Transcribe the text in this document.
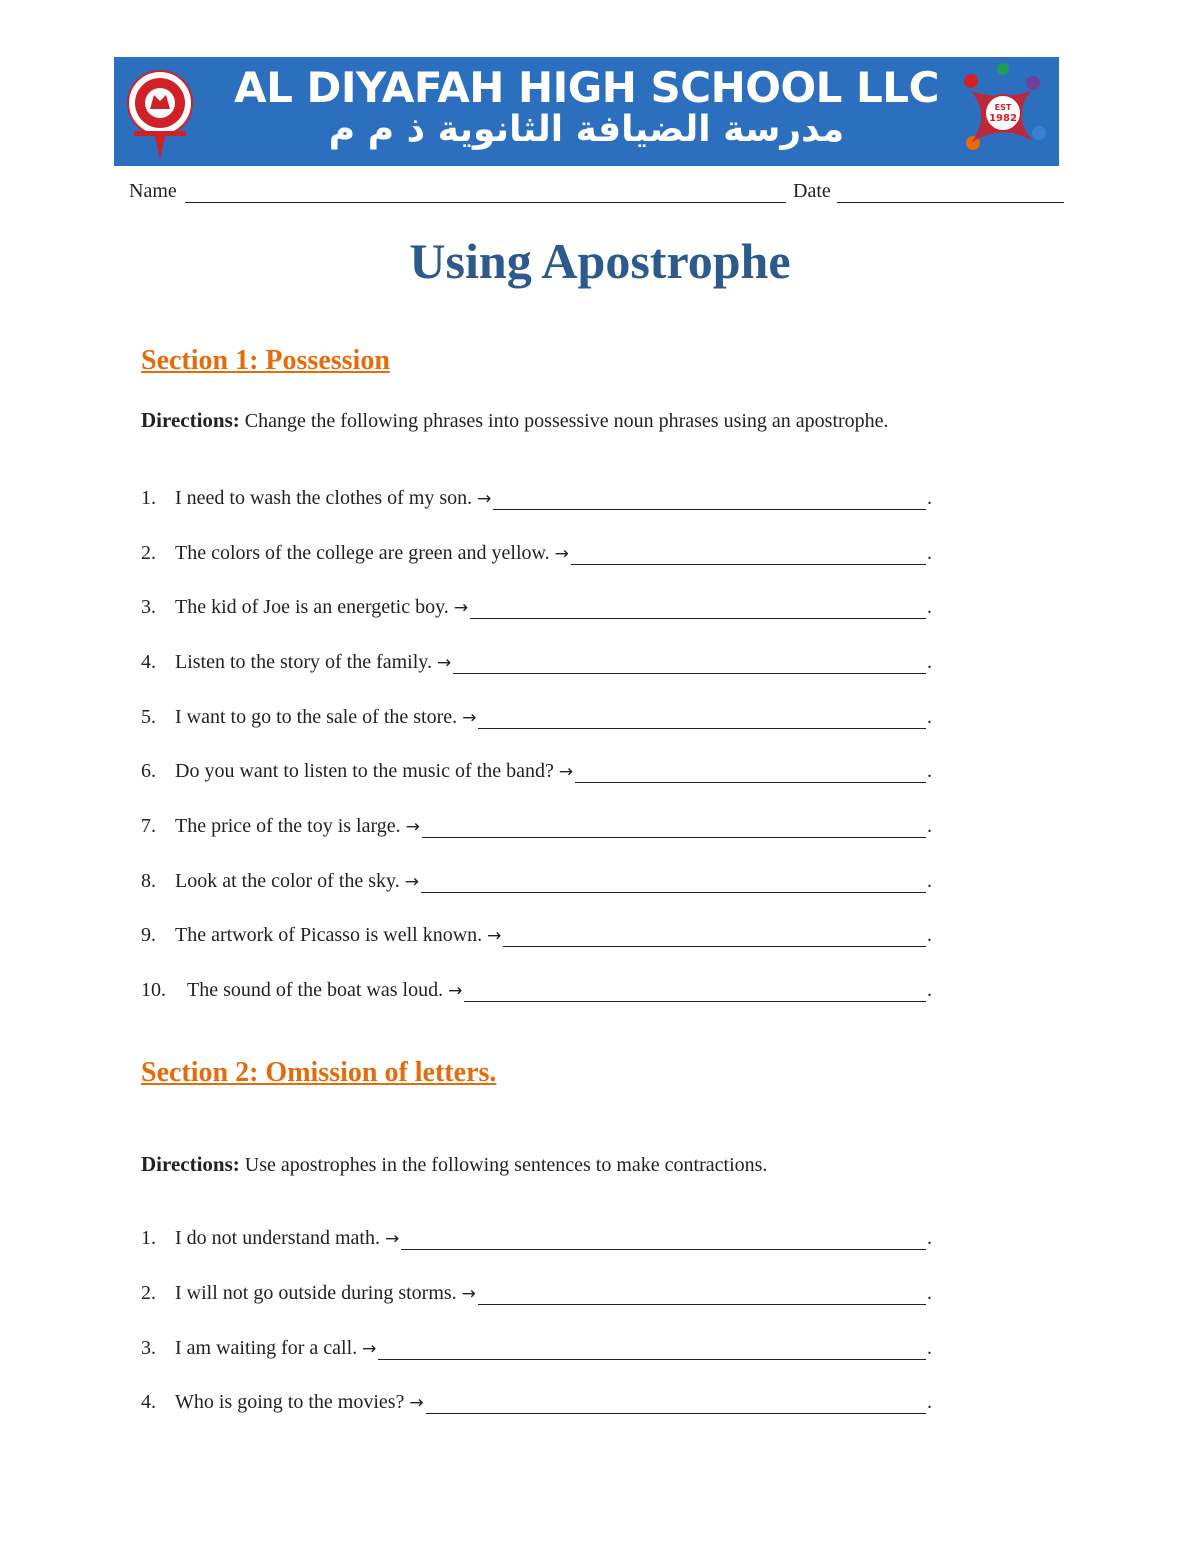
AL DIYAFAH HIGH SCHOOL LLC
مدرسة الضيافة الثانوية ذ م م
EST
1982
Name	Date
Using Apostrophe
Section 1: Possession
Directions: Change the following phrases into possessive noun phrases using an apostrophe.
1. I need to wash the clothes of my son. →	.
2. The colors of the college are green and yellow. →	.
3. The kid of Joe is an energetic boy. →	.
4. Listen to the story of the family. →	.
5. I want to go to the sale of the store. →	.
6. Do you want to listen to the music of the band? →	.
7. The price of the toy is large. →	.
8. Look at the color of the sky. →	.
9. The artwork of Picasso is well known. →	.
10. The sound of the boat was loud. →	.
Section 2: Omission of letters.
Directions: Use apostrophes in the following sentences to make contractions.
1. I do not understand math. →	.
2. I will not go outside during storms. →	.
3. I am waiting for a call. →	.
4. Who is going to the movies? →	.
